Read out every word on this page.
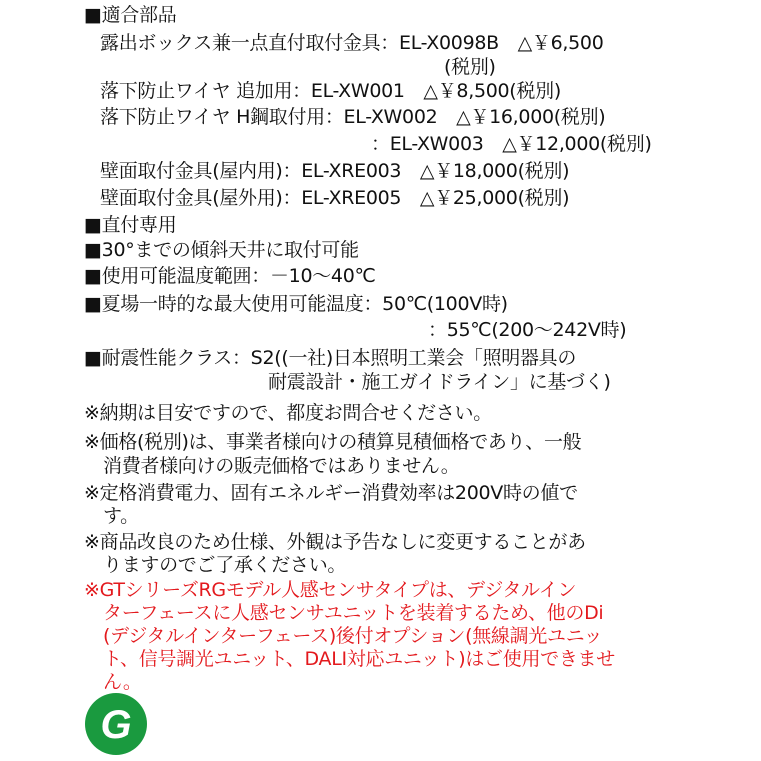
■適合部品
露出ボックス兼一点直付取付金具：EL-X0098B　△￥6,500
(税別)
落下防止ワイヤ 追加用：EL-XW001　△￥8,500(税別)
落下防止ワイヤ H鋼取付用：EL-XW002　△￥16,000(税別)
：EL-XW003　△￥12,000(税別)
壁面取付金具(屋内用)：EL-XRE003　△￥18,000(税別)
壁面取付金具(屋外用)：EL-XRE005　△￥25,000(税別)
■直付専用
■30°までの傾斜天井に取付可能
■使用可能温度範囲：－10～40℃
■夏場一時的な最大使用可能温度：50℃(100V時)
：55℃(200～242V時)
■耐震性能クラス：S2((一社)日本照明工業会「照明器具の
耐震設計・施工ガイドライン」に基づく)
※納期は目安ですので、都度お問合せください。
※価格(税別)は、事業者様向けの積算見積価格であり、一般
消費者様向けの販売価格ではありません。
※定格消費電力、固有エネルギー消費効率は200V時の値で
す。
※商品改良のため仕様、外観は予告なしに変更することがあ
りますのでご了承ください。
※GTシリーズRGモデル人感センサタイプは、デジタルイン
ターフェースに人感センサユニットを装着するため、他のDi
(デジタルインターフェース)後付オプション(無線調光ユニッ
ト、信号調光ユニット、DALI対応ユニット)はご使用できませ
ん。
G
